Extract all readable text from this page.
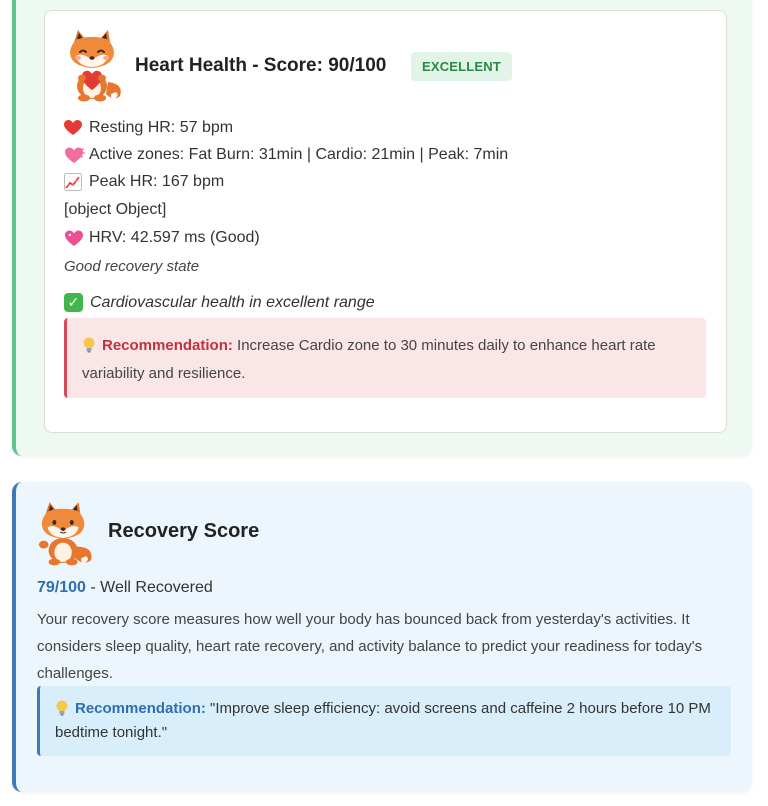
Heart Health - Score: 90/100	EXCELLENT
Resting HR: 57 bpm
Active zones: Fat Burn: 31min | Cardio: 21min | Peak: 7min
Peak HR: 167 bpm
[object Object]
HRV: 42.597 ms (Good)
Good recovery state
✓ Cardiovascular health in excellent range
Recommendation: Increase Cardio zone to 30 minutes daily to enhance heart rate variability and resilience.
Recovery Score
79/100 - Well Recovered
Your recovery score measures how well your body has bounced back from yesterday's activities. It considers sleep quality, heart rate recovery, and activity balance to predict your readiness for today's challenges.
Recommendation: "Improve sleep efficiency: avoid screens and caffeine 2 hours before 10 PM bedtime tonight."
